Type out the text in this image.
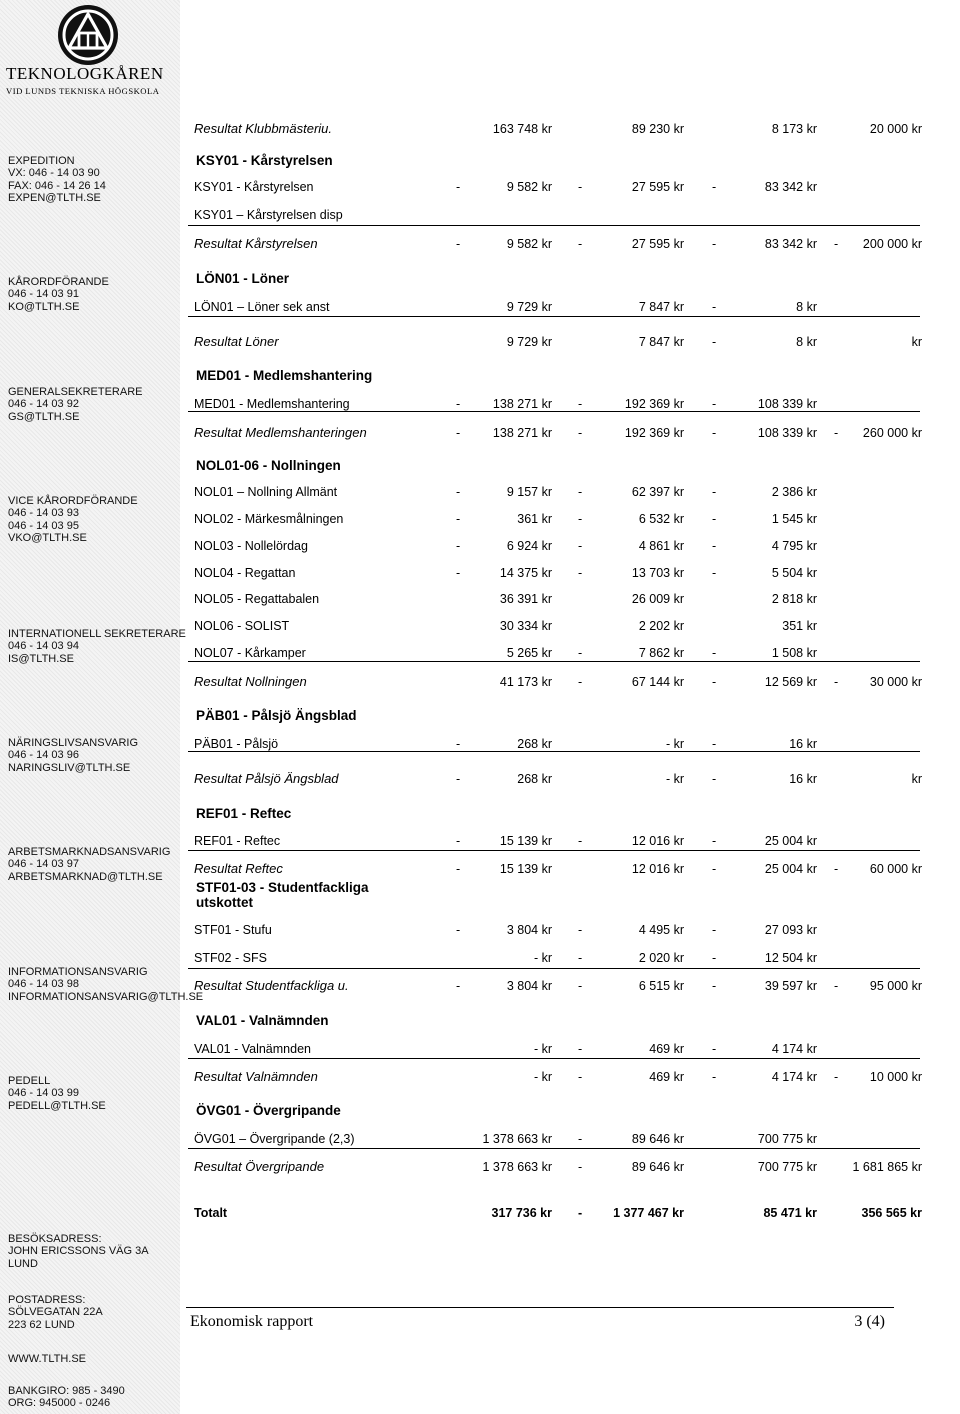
TEKNOLOGKÅREN
VID LUNDS TEKNISKA HÖGSKOLA
EXPEDITION
VX: 046 - 14 03 90
FAX: 046 - 14 26 14
EXPEN@TLTH.SE
KÅRORDFÖRANDE
046 - 14 03 91
KO@TLTH.SE
GENERALSEKRETERARE
046 - 14 03 92
GS@TLTH.SE
VICE KÅRORDFÖRANDE
046 - 14 03 93
046 - 14 03 95
VKO@TLTH.SE
INTERNATIONELL SEKRETERARE
046 - 14 03 94
IS@TLTH.SE
NÄRINGSLIVSANSVARIG
046 - 14 03 96
NARINGSLIV@TLTH.SE
ARBETSMARKNADSANSVARIG
046 - 14 03 97
ARBETSMARKNAD@TLTH.SE
INFORMATIONSANSVARIG
046 - 14 03 98
INFORMATIONSANSVARIG@TLTH.SE
PEDELL
046 - 14 03 99
PEDELL@TLTH.SE
BESÖKSADRESS:
JOHN ERICSSONS VÄG 3A
LUND
POSTADRESS:
SÖLVEGATAN 22A
223 62 LUND
WWW.TLTH.SE
BANKGIRO: 985 - 3490
ORG: 945000 - 0246
KSY01 - Kårstyrelsen
LÖN01 - Löner
MED01 - Medlemshantering
NOL01-06 - Nollningen
PÄB01 - Pålsjö Ängsblad
REF01 - Reftec
STF01-03 - Studentfackliga utskottet
VAL01 - Valnämnden
ÖVG01 - Övergripande
Resultat Klubbmästeriu.	163 748 kr	89 230 kr	8 173 kr	20 000 kr
KSY01 - Kårstyrelsen	-	9 582 kr -	27 595 kr -	83 342 kr
KSY01 – Kårstyrelsen disp
Resultat Kårstyrelsen	-	9 582 kr -	27 595 kr -	83 342 kr - 200 000 kr
LÖN01 – Löner sek anst	9 729 kr	7 847 kr -	8 kr
Resultat Löner	9 729 kr	7 847 kr -	8 kr	kr
MED01 - Medlemshantering	-	138 271 kr -	192 369 kr -	108 339 kr
Resultat Medlemshanteringen	-	138 271 kr -	192 369 kr -	108 339 kr - 260 000 kr
NOL01 – Nollning Allmänt	-	9 157 kr -	62 397 kr -	2 386 kr
NOL02 - Märkesmålningen	-	361 kr -	6 532 kr -	1 545 kr
NOL03 - Nollelördag	-	6 924 kr -	4 861 kr -	4 795 kr
NOL04 - Regattan	-	14 375 kr -	13 703 kr -	5 504 kr
NOL05 - Regattabalen	36 391 kr	26 009 kr	2 818 kr
NOL06 - SOLIST	30 334 kr	2 202 kr	351 kr
NOL07 - Kårkamper	5 265 kr -	7 862 kr -	1 508 kr
Resultat Nollningen	41 173 kr -	67 144 kr -	12 569 kr -	30 000 kr
PÄB01 - Pålsjö	-	268 kr	- kr -	16 kr
Resultat Pålsjö Ängsblad	-	268 kr	- kr -	16 kr	kr
REF01 - Reftec	-	15 139 kr -	12 016 kr -	25 004 kr
Resultat Reftec	-	15 139 kr	12 016 kr -	25 004 kr -	60 000 kr
STF01 - Stufu	-	3 804 kr -	4 495 kr -	27 093 kr
STF02 - SFS	- kr -	2 020 kr -	12 504 kr
Resultat Studentfackliga u.	-	3 804 kr -	6 515 kr -	39 597 kr -	95 000 kr
VAL01 - Valnämnden	- kr -	469 kr -	4 174 kr
Resultat Valnämnden	- kr -	469 kr -	4 174 kr -	10 000 kr
ÖVG01 – Övergripande (2,3)	1 378 663 kr -	89 646 kr	700 775 kr
Resultat Övergripande	1 378 663 kr -	89 646 kr	700 775 kr	1 681 865 kr
Totalt	317 736 kr - 1 377 467 kr	85 471 kr	356 565 kr
Ekonomisk rapport	3 (4)
